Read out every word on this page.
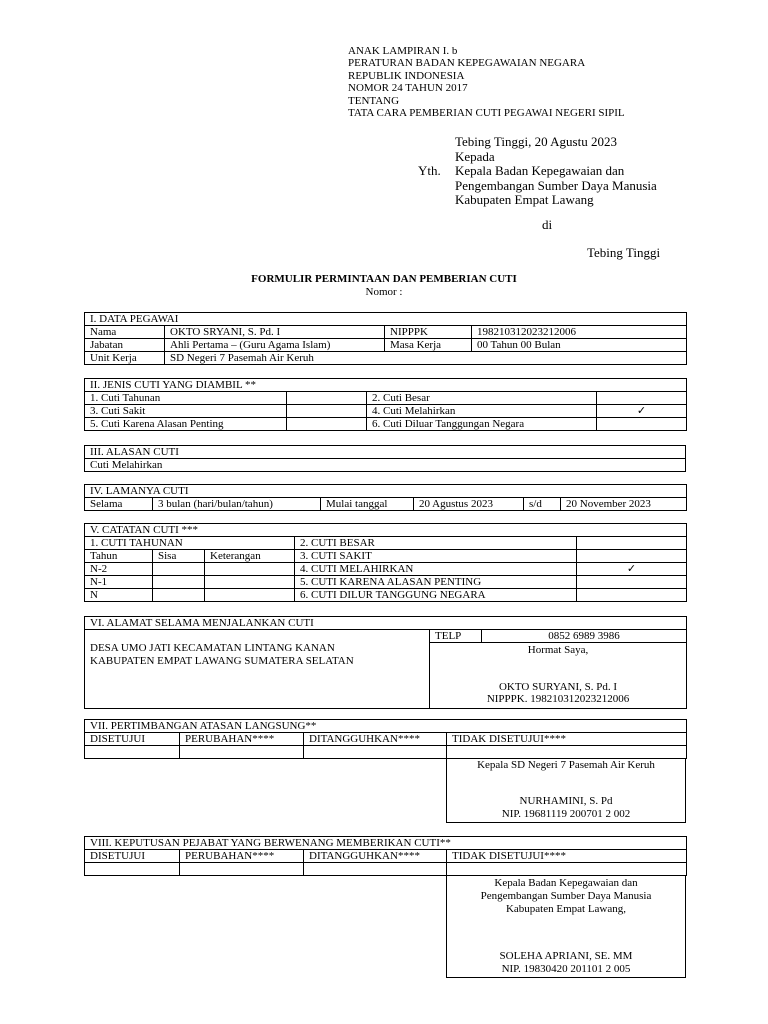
ANAK LAMPIRAN I. b
PERATURAN BADAN KEPEGAWAIAN NEGARA
REPUBLIK INDONESIA
NOMOR 24 TAHUN 2017
TENTANG
TATA CARA PEMBERIAN CUTI PEGAWAI NEGERI SIPIL
Tebing Tinggi, 20 Agustu 2023
Kepada
Yth.	Kepala Badan Kepegawaian dan
Pengembangan Sumber Daya Manusia
Kabupaten Empat Lawang
di
Tebing Tinggi
FORMULIR PERMINTAAN DAN PEMBERIAN CUTI
Nomor :
I. DATA PEGAWAI			
Nama	OKTO SRYANI, S. Pd. I	NIPPPK	198210312023212006
Jabatan	Ahli Pertama – (Guru Agama Islam)	Masa Kerja	00 Tahun 00 Bulan
Unit Kerja	SD Negeri 7 Pasemah Air Keruh		
II. JENIS CUTI YANG DIAMBIL **			
1. Cuti Tahunan		2. Cuti Besar	
3. Cuti Sakit		4. Cuti Melahirkan	✓
5. Cuti Karena Alasan Penting		6. Cuti Diluar Tanggungan Negara	
III. ALASAN CUTI
Cuti Melahirkan
IV. LAMANYA CUTI
Selama	3 bulan (hari/bulan/tahun)	Mulai tanggal	20 Agustus 2023	s/d	20 November 2023
V. CATATAN CUTI ***				
1. CUTI TAHUNAN			2. CUTI BESAR	
Tahun	Sisa	Keterangan	3. CUTI SAKIT	
N-2			4. CUTI MELAHIRKAN	✓
N-1			5. CUTI KARENA ALASAN PENTING	
N			6. CUTI DILUR TANGGUNG NEGARA	
VI. ALAMAT SELAMA MENJALANKAN CUTI
	TELP	0852 6989 3986

Hormat Saya,
OKTO SURYANI, S. Pd. I
NIPPPK. 198210312023212006

DESA UMO JATI KECAMATAN LINTANG KANAN
KABUPATEN EMPAT LAWANG SUMATERA SELATAN
VII. PERTIMBANGAN ATASAN LANGSUNG**			
DISETUJUI	PERUBAHAN****	DITANGGUHKAN****	TIDAK DISETUJUI****

Kepala SD Negeri 7 Pasemah Air Keruh
NURHAMINI, S. Pd
NIP. 19681119 200701 2 002
VIII. KEPUTUSAN PEJABAT YANG BERWENANG MEMBERIKAN CUTI**			
DISETUJUI	PERUBAHAN****	DITANGGUHKAN****	TIDAK DISETUJUI****

Kepala Badan Kepegawaian dan
Pengembangan Sumber Daya Manusia
Kabupaten Empat Lawang,
SOLEHA APRIANI, SE. MM
NIP. 19830420 201101 2 005
